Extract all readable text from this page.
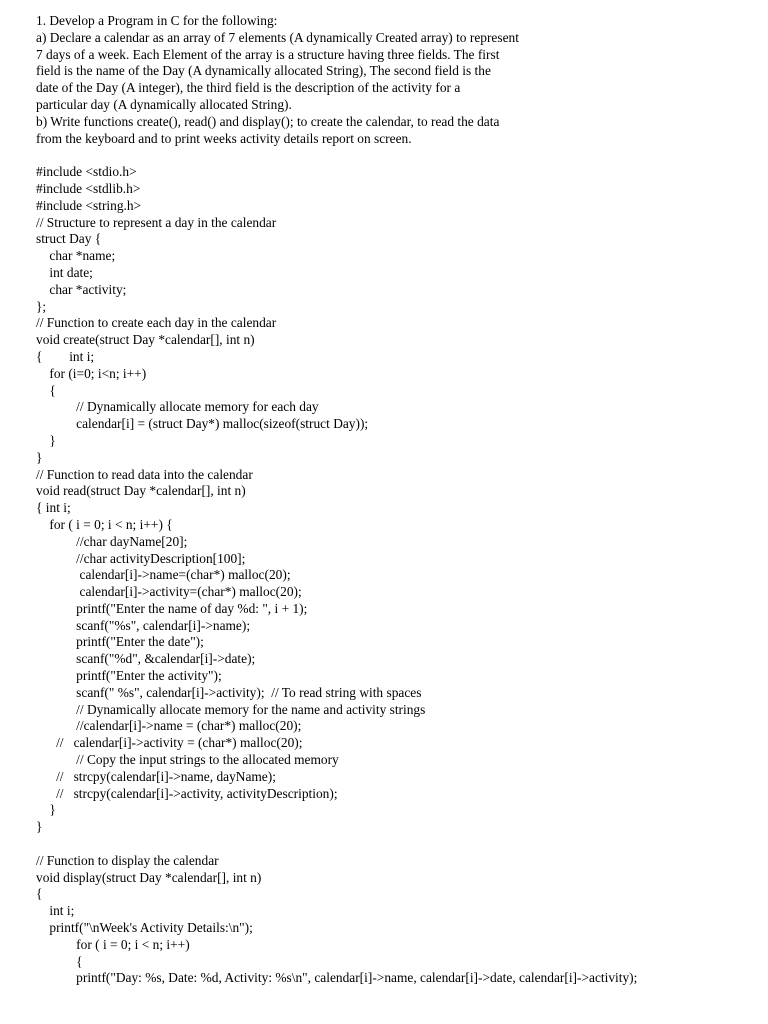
1. Develop a Program in C for the following:
a) Declare a calendar as an array of 7 elements (A dynamically Created array) to represent
7 days of a week. Each Element of the array is a structure having three fields. The first
field is the name of the Day (A dynamically allocated String), The second field is the
date of the Day (A integer), the third field is the description of the activity for a
particular day (A dynamically allocated String).
b) Write functions create(), read() and display(); to create the calendar, to read the data
from the keyboard and to print weeks activity details report on screen.
#include <stdio.h>
#include <stdlib.h>
#include <string.h>
// Structure to represent a day in the calendar
struct Day {
char *name;
int date;
char *activity;
};
// Function to create each day in the calendar
void create(struct Day *calendar[], int n)
{        int i;
for (i=0; i<n; i++)
{
// Dynamically allocate memory for each day
calendar[i] = (struct Day*) malloc(sizeof(struct Day));
}
}
// Function to read data into the calendar
void read(struct Day *calendar[], int n)
{ int i;
for ( i = 0; i < n; i++) {
//char dayName[20];
//char activityDescription[100];
calendar[i]->name=(char*) malloc(20);
calendar[i]->activity=(char*) malloc(20);
printf("Enter the name of day %d: ", i + 1);
scanf("%s", calendar[i]->name);
printf("Enter the date");
scanf("%d", &calendar[i]->date);
printf("Enter the activity");
scanf(" %s", calendar[i]->activity);  // To read string with spaces
// Dynamically allocate memory for the name and activity strings
//calendar[i]->name = (char*) malloc(20);
//   calendar[i]->activity = (char*) malloc(20);
// Copy the input strings to the allocated memory
//   strcpy(calendar[i]->name, dayName);
//   strcpy(calendar[i]->activity, activityDescription);
}
}
// Function to display the calendar
void display(struct Day *calendar[], int n)
{
int i;
printf("\nWeek's Activity Details:\n");
for ( i = 0; i < n; i++)
{
printf("Day: %s, Date: %d, Activity: %s\n", calendar[i]->name, calendar[i]->date, calendar[i]->activity);
